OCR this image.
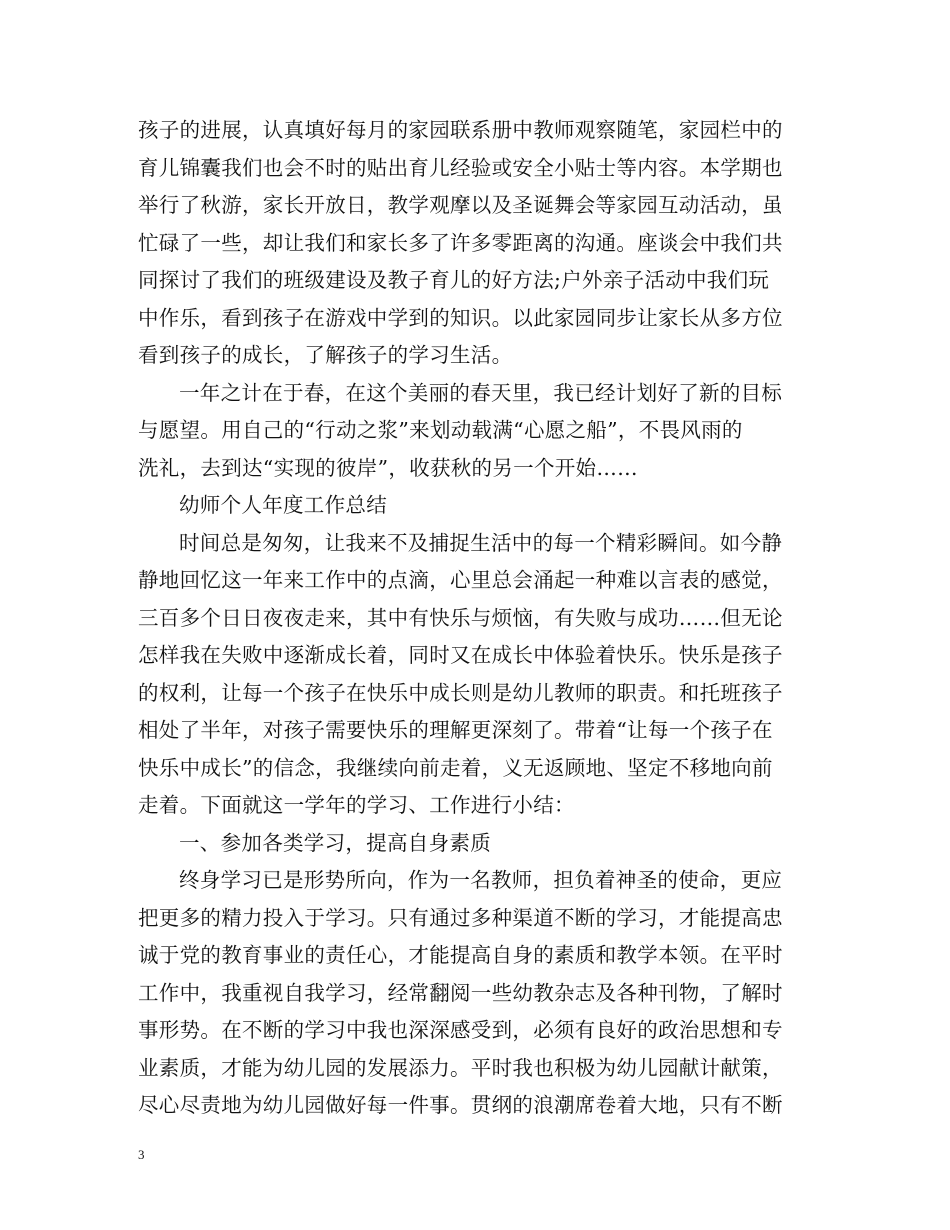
孩子的进展，认真填好每月的家园联系册中教师观察随笔，家园栏中的
育儿锦囊我们也会不时的贴出育儿经验或安全小贴士等内容。本学期也
举行了秋游，家长开放日，教学观摩以及圣诞舞会等家园互动活动，虽
忙碌了一些，却让我们和家长多了许多零距离的沟通。座谈会中我们共
同探讨了我们的班级建设及教子育儿的好方法;户外亲子活动中我们玩
中作乐，看到孩子在游戏中学到的知识。以此家园同步让家长从多方位
看到孩子的成长，了解孩子的学习生活。
一年之计在于春，在这个美丽的春天里，我已经计划好了新的目标
与愿望。用自己的“行动之浆”来划动载满“心愿之船”，不畏风雨的
洗礼，去到达“实现的彼岸”，收获秋的另一个开始……
幼师个人年度工作总结
时间总是匆匆，让我来不及捕捉生活中的每一个精彩瞬间。如今静
静地回忆这一年来工作中的点滴，心里总会涌起一种难以言表的感觉，
三百多个日日夜夜走来，其中有快乐与烦恼，有失败与成功……但无论
怎样我在失败中逐渐成长着，同时又在成长中体验着快乐。快乐是孩子
的权利，让每一个孩子在快乐中成长则是幼儿教师的职责。和托班孩子
相处了半年，对孩子需要快乐的理解更深刻了。带着“让每一个孩子在
快乐中成长”的信念，我继续向前走着，义无返顾地、坚定不移地向前
走着。下面就这一学年的学习、工作进行小结：
一、参加各类学习，提高自身素质
终身学习已是形势所向，作为一名教师，担负着神圣的使命，更应
把更多的精力投入于学习。只有通过多种渠道不断的学习，才能提高忠
诚于党的教育事业的责任心，才能提高自身的素质和教学本领。在平时
工作中，我重视自我学习，经常翻阅一些幼教杂志及各种刊物，了解时
事形势。在不断的学习中我也深深感受到，必须有良好的政治思想和专
业素质，才能为幼儿园的发展添力。平时我也积极为幼儿园献计献策，
尽心尽责地为幼儿园做好每一件事。贯纲的浪潮席卷着大地，只有不断
3
